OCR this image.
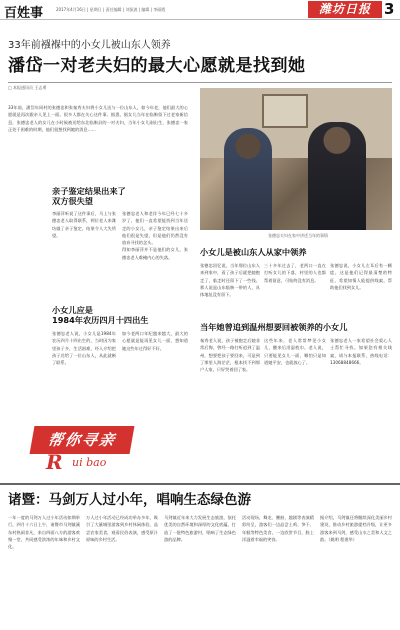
百姓事	2017年4月16日 | 星期日 | 责任编辑 | 刘侃波 | 编辑 | 李丽霞	潍坊日报 3
33年前襁褓中的小女儿被山东人领养
潘岱一对老夫妇的最大心愿就是找到她
□ 本报通讯员 王志勇
33年前，潘岱年同村的张德忠和张秦秀夫妇将小女儿送与一位山东人，如今年老，他们最大的心愿就是再次跟亲人见上一面。很多人都在关心这件事。据悉，据女儿当年在临朐留下过老家新信息，张德忠老人的女儿在小时候被送给东北临朐县的一对夫妇，当年小女儿刚出生，张德忠一家正处于困难的时期，他们很想找到她的消息……
张德忠夫妇在家中讲述当年的事情
亲子鉴定结果出来了
双方很失望

李丽萍听说了这件事后，马上与张德忠老人取得联系，两位老人来潍坊做了亲子鉴定，结果令人大失所望。

张德忠老人和老伴今年已经七十多岁了，他们一直希望能找到当年送走的小女儿，亲子鉴定结果出来后他们很是失望，但是他们仍然没有放弃寻找的念头。

得知李丽萍并不是他们的女儿，张德忠老人难掩内心的失落。

小女儿应是
1984年农历四月十四出生

张德忠老人说，小女儿是1984年农历四月十四出生的，当时因为家里孩子多，生活困难，经人介绍把孩子送给了一位山东人，从此就断了联系。

如今老两口年纪越来越大，最大的心愿就是能再见女儿一面，想知道她这些年过得好不好。

小女儿是被山东人从家中领养

张德忠回忆说，当年那位山东人来到家中，看了孩子后就把她抱走了，临走时还留下了一些钱。那人说是山东临朐一带的人，具体地址没有留下。

三十多年过去了，老两口一直在打听女儿的下落，村里的人也都帮着留意，可始终没有消息。

张德忠说，小女儿左耳后有一颗痣，这是他们记得最清楚的特征，希望知情人能提供线索，帮助他们找到女儿。

当年她曾追到温州想要回被领养的小女儿

秦秀老人说，孩子被抱走后她非常后悔，曾经一路打听追到了温州，想要把孩子要回来，可是到了那里人海茫茫，根本找不到那户人家，只好哭着回了家。

这些年来，老人常常梦见小女儿，醒来后泪湿枕巾。老人说，只要能见女儿一面，哪怕只是知道她平安，也就放心了。

张德忠老人一家希望社会爱心人士帮忙寻找。如果您有相关线索，请与本报联系，热线电话：13068848666。

帮你寻亲
R ui bao
诸暨：马剑万人过小年，唱响生态绿色游

一年一度的马剑万人过小年活动如期举行，四月十六日上午，诸暨市马剑镇溪东村热闹非凡，来自四面八方的游客欢聚一堂，共同感受浓浓的年味和乡村文化。

万人过小年活动已经成功举办多年，吸引了大量城里游客到乡村休闲体验，品尝农家美食，观看民俗表演，感受原汁原味的乡村生活。

马剑镇近年来大力发展生态旅游，依托优美的自然环境和深厚的文化底蕴，打造了一批特色旅游村，唱响了生态绿色游的品牌。

活动现场，舞龙、腰鼓、越剧等表演精彩纷呈，游客们一边品尝土鸡、笋干、年糕等特色美食，一边欣赏节目，脸上洋溢着幸福的笑容。

据介绍，马剑镇还将继续深化美丽乡村建设，推动乡村旅游提档升级，让更多游客来到马剑，感受山水之美和人文之韵。（姚明 程建华）
